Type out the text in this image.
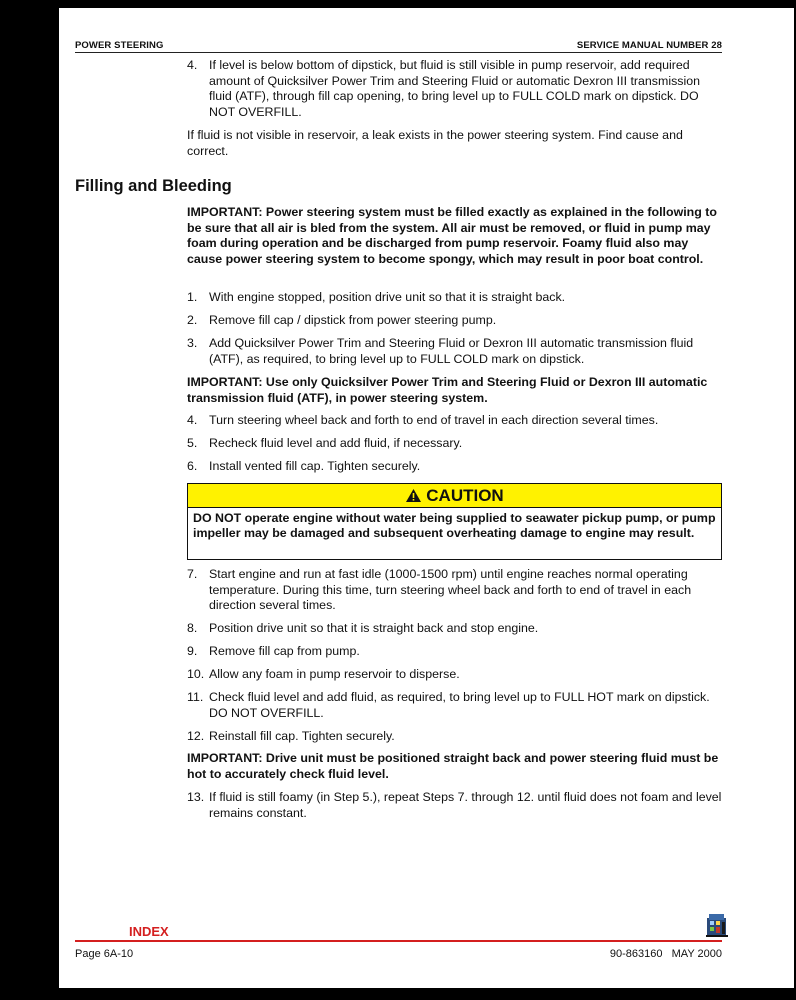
POWER STEERING	SERVICE MANUAL NUMBER 28
4. If level is below bottom of dipstick, but fluid is still visible in pump reservoir, add required amount of Quicksilver Power Trim and Steering Fluid or automatic Dexron III transmission fluid (ATF), through fill cap opening, to bring level up to FULL COLD mark on dipstick. DO NOT OVERFILL.
If fluid is not visible in reservoir, a leak exists in the power steering system. Find cause and correct.
Filling and Bleeding
IMPORTANT: Power steering system must be filled exactly as explained in the following to be sure that all air is bled from the system. All air must be removed, or fluid in pump may foam during operation and be discharged from pump reservoir. Foamy fluid also may cause power steering system to become spongy, which may result in poor boat control.
1. With engine stopped, position drive unit so that it is straight back.
2. Remove fill cap / dipstick from power steering pump.
3. Add Quicksilver Power Trim and Steering Fluid or Dexron III automatic transmission fluid (ATF), as required, to bring level up to FULL COLD mark on dipstick.
IMPORTANT: Use only Quicksilver Power Trim and Steering Fluid or Dexron III automatic transmission fluid (ATF), in power steering system.
4. Turn steering wheel back and forth to end of travel in each direction several times.
5. Recheck fluid level and add fluid, if necessary.
6. Install vented fill cap. Tighten securely.
CAUTION
DO NOT operate engine without water being supplied to seawater pickup pump, or pump impeller may be damaged and subsequent overheating damage to engine may result.
7. Start engine and run at fast idle (1000-1500 rpm) until engine reaches normal operating temperature. During this time, turn steering wheel back and forth to end of travel in each direction several times.
8. Position drive unit so that it is straight back and stop engine.
9. Remove fill cap from pump.
10. Allow any foam in pump reservoir to disperse.
11. Check fluid level and add fluid, as required, to bring level up to FULL HOT mark on dipstick. DO NOT OVERFILL.
12. Reinstall fill cap. Tighten securely.
IMPORTANT: Drive unit must be positioned straight back and power steering fluid must be hot to accurately check fluid level.
13. If fluid is still foamy (in Step 5.), repeat Steps 7. through 12. until fluid does not foam and level remains constant.
INDEX
Page 6A-10	90-863160   MAY 2000
